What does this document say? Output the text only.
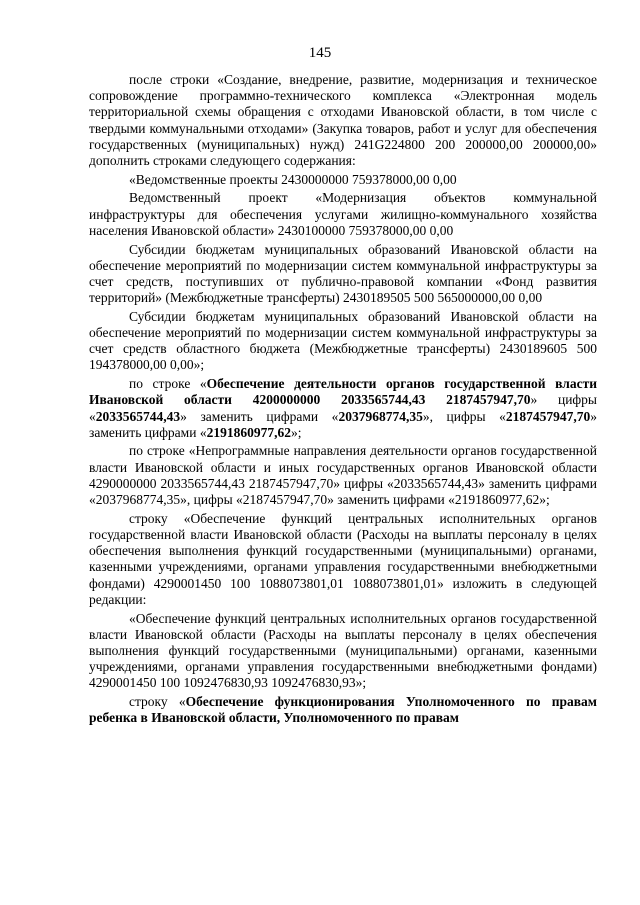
145

после строки «Создание, внедрение, развитие, модернизация и техническое сопровождение программно-технического комплекса «Электронная модель территориальной схемы обращения с отходами Ивановской области, в том числе с твердыми коммунальными отходами» (Закупка товаров, работ и услуг для обеспечения государственных (муниципальных) нужд) 241G224800 200 200000,00 200000,00» дополнить строками следующего содержания:

«Ведомственные проекты 2430000000 759378000,00 0,00

Ведомственный проект «Модернизация объектов коммунальной инфраструктуры для обеспечения услугами жилищно-коммунального хозяйства населения Ивановской области» 2430100000 759378000,00 0,00

Субсидии бюджетам муниципальных образований Ивановской области на обеспечение мероприятий по модернизации систем коммунальной инфраструктуры за счет средств, поступивших от публично-правовой компании «Фонд развития территорий» (Межбюджетные трансферты) 2430189505 500 565000000,00 0,00

Субсидии бюджетам муниципальных образований Ивановской области на обеспечение мероприятий по модернизации систем коммунальной инфраструктуры за счет средств областного бюджета (Межбюджетные трансферты) 2430189605 500 194378000,00 0,00»;

по строке «Обеспечение деятельности органов государственной власти Ивановской области 4200000000 2033565744,43 2187457947,70» цифры «2033565744,43» заменить цифрами «2037968774,35», цифры «2187457947,70» заменить цифрами «2191860977,62»;

по строке «Непрограммные направления деятельности органов государственной власти Ивановской области и иных государственных органов Ивановской области 4290000000 2033565744,43 2187457947,70» цифры «2033565744,43» заменить цифрами «2037968774,35», цифры «2187457947,70» заменить цифрами «2191860977,62»;

строку «Обеспечение функций центральных исполнительных органов государственной власти Ивановской области (Расходы на выплаты персоналу в целях обеспечения выполнения функций государственными (муниципальными) органами, казенными учреждениями, органами управления государственными внебюджетными фондами) 4290001450 100 1088073801,01 1088073801,01» изложить в следующей редакции:

«Обеспечение функций центральных исполнительных органов государственной власти Ивановской области (Расходы на выплаты персоналу в целях обеспечения выполнения функций государственными (муниципальными) органами, казенными учреждениями, органами управления государственными внебюджетными фондами) 4290001450 100 1092476830,93 1092476830,93»;

строку «Обеспечение функционирования Уполномоченного по правам ребенка в Ивановской области, Уполномоченного по правам
